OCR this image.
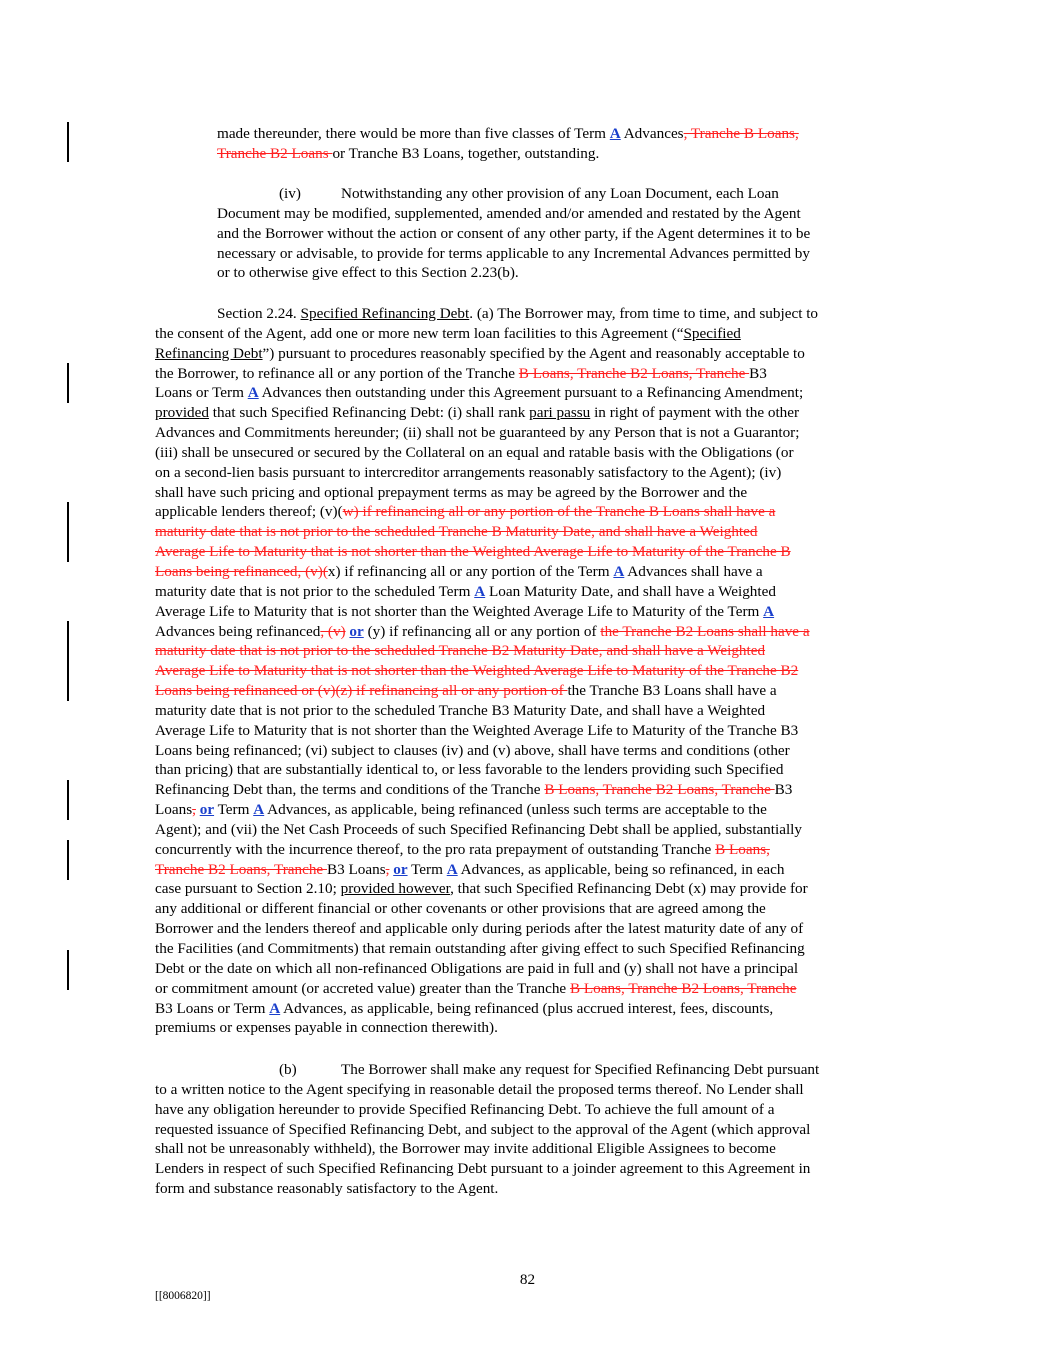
made thereunder, there would be more than five classes of Term A Advances, Tranche B Loans,
Tranche B2 Loans or Tranche B3 Loans, together, outstanding.
(iv)	Notwithstanding any other provision of any Loan Document, each Loan
Document may be modified, supplemented, amended and/or amended and restated by the Agent
and the Borrower without the action or consent of any other party, if the Agent determines it to be
necessary or advisable, to provide for terms applicable to any Incremental Advances permitted by
or to otherwise give effect to this Section 2.23(b).
Section 2.24. Specified Refinancing Debt. (a) The Borrower may, from time to time, and subject to
the consent of the Agent, add one or more new term loan facilities to this Agreement (“Specified
Refinancing Debt”) pursuant to procedures reasonably specified by the Agent and reasonably acceptable to
the Borrower, to refinance all or any portion of the Tranche B Loans, Tranche B2 Loans, Tranche B3
Loans or Term A Advances then outstanding under this Agreement pursuant to a Refinancing Amendment;
provided that such Specified Refinancing Debt: (i) shall rank pari passu in right of payment with the other
Advances and Commitments hereunder; (ii) shall not be guaranteed by any Person that is not a Guarantor;
(iii) shall be unsecured or secured by the Collateral on an equal and ratable basis with the Obligations (or
on a second-lien basis pursuant to intercreditor arrangements reasonably satisfactory to the Agent); (iv)
shall have such pricing and optional prepayment terms as may be agreed by the Borrower and the
applicable lenders thereof; (v)(w) if refinancing all or any portion of the Tranche B Loans shall have a
maturity date that is not prior to the scheduled Tranche B Maturity Date, and shall have a Weighted
Average Life to Maturity that is not shorter than the Weighted Average Life to Maturity of the Tranche B
Loans being refinanced, (v)(x) if refinancing all or any portion of the Term A Advances shall have a
maturity date that is not prior to the scheduled Term A Loan Maturity Date, and shall have a Weighted
Average Life to Maturity that is not shorter than the Weighted Average Life to Maturity of the Term A
Advances being refinanced, (v) or (y) if refinancing all or any portion of the Tranche B2 Loans shall have a
maturity date that is not prior to the scheduled Tranche B2 Maturity Date, and shall have a Weighted
Average Life to Maturity that is not shorter than the Weighted Average Life to Maturity of the Tranche B2
Loans being refinanced or (v)(z) if refinancing all or any portion of the Tranche B3 Loans shall have a
maturity date that is not prior to the scheduled Tranche B3 Maturity Date, and shall have a Weighted
Average Life to Maturity that is not shorter than the Weighted Average Life to Maturity of the Tranche B3
Loans being refinanced; (vi) subject to clauses (iv) and (v) above, shall have terms and conditions (other
than pricing) that are substantially identical to, or less favorable to the lenders providing such Specified
Refinancing Debt than, the terms and conditions of the Tranche B Loans, Tranche B2 Loans, Tranche B3
Loans, or Term A Advances, as applicable, being refinanced (unless such terms are acceptable to the
Agent); and (vii) the Net Cash Proceeds of such Specified Refinancing Debt shall be applied, substantially
concurrently with the incurrence thereof, to the pro rata prepayment of outstanding Tranche B Loans,
Tranche B2 Loans, Tranche B3 Loans, or Term A Advances, as applicable, being so refinanced, in each
case pursuant to Section 2.10; provided however, that such Specified Refinancing Debt (x) may provide for
any additional or different financial or other covenants or other provisions that are agreed among the
Borrower and the lenders thereof and applicable only during periods after the latest maturity date of any of
the Facilities (and Commitments) that remain outstanding after giving effect to such Specified Refinancing
Debt or the date on which all non-refinanced Obligations are paid in full and (y) shall not have a principal
or commitment amount (or accreted value) greater than the Tranche B Loans, Tranche B2 Loans, Tranche
B3 Loans or Term A Advances, as applicable, being refinanced (plus accrued interest, fees, discounts,
premiums or expenses payable in connection therewith).
(b)	The Borrower shall make any request for Specified Refinancing Debt pursuant
to a written notice to the Agent specifying in reasonable detail the proposed terms thereof. No Lender shall
have any obligation hereunder to provide Specified Refinancing Debt. To achieve the full amount of a
requested issuance of Specified Refinancing Debt, and subject to the approval of the Agent (which approval
shall not be unreasonably withheld), the Borrower may invite additional Eligible Assignees to become
Lenders in respect of such Specified Refinancing Debt pursuant to a joinder agreement to this Agreement in
form and substance reasonably satisfactory to the Agent.
82
[[8006820]]
